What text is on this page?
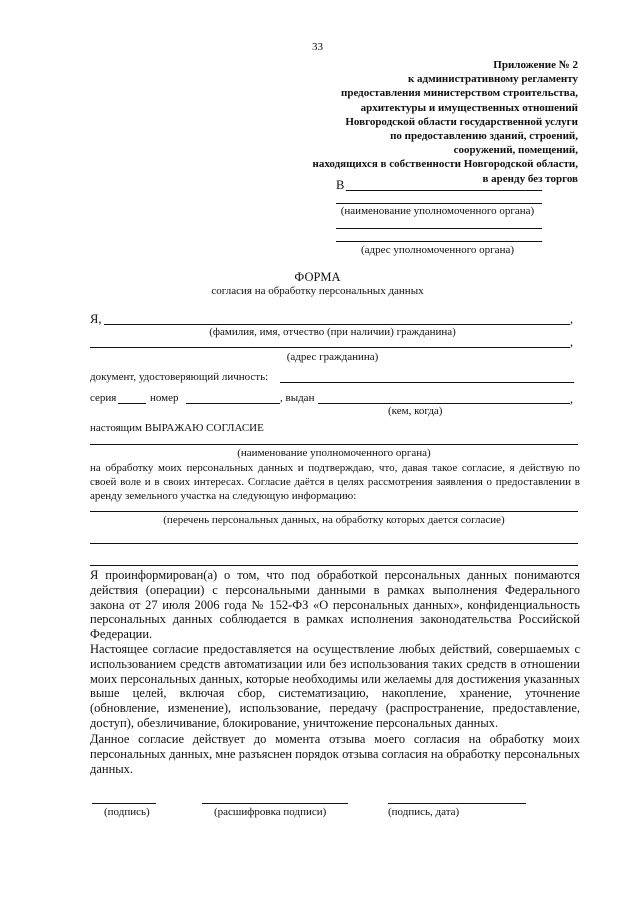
33
Приложение № 2
к административному регламенту
предоставления министерством строительства,
архитектуры и имущественных отношений
Новгородской области государственной услуги
по предоставлению зданий, строений,
сооружений, помещений,
находящихся в собственности Новгородской области,
в аренду без торгов
В
(наименование уполномоченного органа)
(адрес уполномоченного органа)
ФОРМА
согласия на обработку персональных данных
Я,	,
(фамилия, имя, отчество (при наличии) гражданина)
,
(адрес гражданина)
документ, удостоверяющий личность:
серия	номер	, выдан	,
(кем, когда)
настоящим ВЫРАЖАЮ СОГЛАСИЕ
(наименование уполномоченного органа)
на обработку моих персональных данных и подтверждаю, что, давая такое согласие, я действую по своей воле и в своих интересах. Согласие даётся в целях рассмотрения заявления о предоставлении в аренду земельного участка на следующую информацию:
(перечень персональных данных, на обработку которых дается согласие)
Я проинформирован(а) о том, что под обработкой персональных данных понимаются действия (операции) с персональными данными в рамках выполнения Федерального закона от 27 июля 2006 года № 152-ФЗ «О персональных данных», конфиденциальность персональных данных соблюдается в рамках исполнения законодательства Российской Федерации.
Настоящее согласие предоставляется на осуществление любых действий, совершаемых с использованием средств автоматизации или без использования таких средств в отношении моих персональных данных, которые необходимы или желаемы для достижения указанных выше целей, включая сбор, систематизацию, накопление, хранение, уточнение (обновление, изменение), использование, передачу (распространение, предоставление, доступ), обезличивание, блокирование, уничтожение персональных данных.
Данное согласие действует до момента отзыва моего согласия на обработку моих персональных данных, мне разъяснен порядок отзыва согласия на обработку персональных данных.
(подпись)	(расшифровка подписи)	(подпись, дата)
